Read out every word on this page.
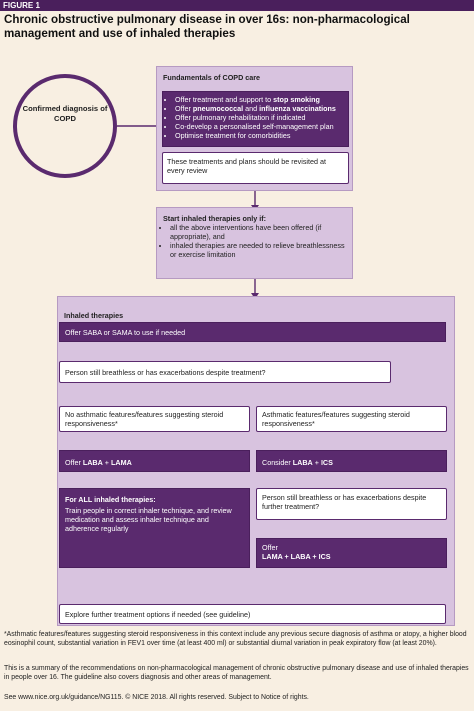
FIGURE 1
Chronic obstructive pulmonary disease in over 16s: non-pharmacological management and use of inhaled therapies
Confirmed diagnosis of COPD
Fundamentals of COPD care
• Offer treatment and support to stop smoking
• Offer pneumococcal and influenza vaccinations
• Offer pulmonary rehabilitation if indicated
• Co-develop a personalised self-management plan
• Optimise treatment for comorbidities
These treatments and plans should be revisited at every review
Start inhaled therapies only if:
• all the above interventions have been offered (if appropriate), and
• inhaled therapies are needed to relieve breathlessness or exercise limitation
Inhaled therapies
Offer SABA or SAMA to use if needed
Person still breathless or has exacerbations despite treatment?
No asthmatic features/features suggesting steroid responsiveness*
Asthmatic features/features suggesting steroid responsiveness*
Offer LABA + LAMA	Consider LABA + ICS
For ALL inhaled therapies:
Train people in correct inhaler technique, and review medication and assess inhaler technique and adherence regularly
Person still breathless or has exacerbations despite further treatment?
Offer
LAMA + LABA + ICS
Explore further treatment options if needed (see guideline)
*Asthmatic features/features suggesting steroid responsiveness in this context include any previous secure diagnosis of asthma or atopy, a higher blood eosinophil count, substantial variation in FEV1 over time (at least 400 ml) or substantial diurnal variation in peak expiratory flow (at least 20%).
This is a summary of the recommendations on non-pharmacological management of chronic obstructive pulmonary disease and use of inhaled therapies in people over 16. The guideline also covers diagnosis and other areas of management.
See www.nice.org.uk/guidance/NG115. © NICE 2018. All rights reserved. Subject to Notice of rights.
